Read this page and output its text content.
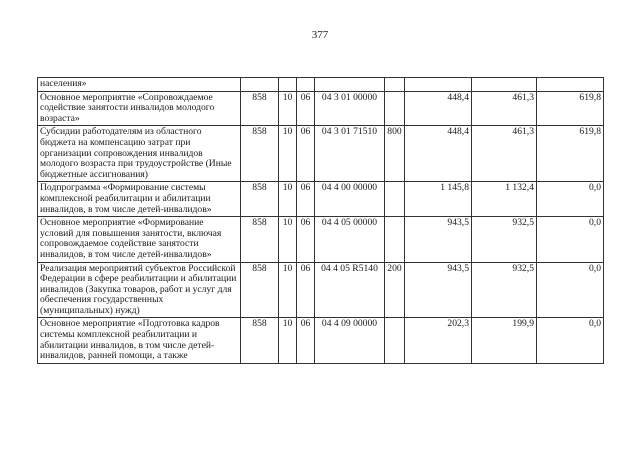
377
населения»								
Основное мероприятие «Сопровождаемое содействие занятости инвалидов молодого возраста»	858	10	06	04 3 01 00000		448,4	461,3	619,8
Субсидии работодателям из областного бюджета на компенсацию затрат при организации сопровождения инвалидов молодого возраста при трудоустройстве (Иные бюджетные ассигнования)	858	10	06	04 3 01 71510	800	448,4	461,3	619,8
Подпрограмма «Формирование системы комплексной реабилитации и абилитации инвалидов, в том числе детей-инвалидов»	858	10	06	04 4 00 00000		1 145,8	1 132,4	0,0
Основное мероприятие «Формирование условий для повышения занятости, включая сопровождаемое содействие занятости инвалидов, в том числе детей-инвалидов»	858	10	06	04 4 05 00000		943,5	932,5	0,0
Реализация мероприятий субъектов Российской Федерации в сфере реабилитации и абилитации инвалидов (Закупка товаров, работ и услуг для обеспечения государственных (муниципальных) нужд)	858	10	06	04 4 05 R5140	200	943,5	932,5	0,0
Основное мероприятие «Подготовка кадров системы комплексной реабилитации и абилитации инвалидов, в том числе детей-инвалидов, ранней помощи, а также	858	10	06	04 4 09 00000		202,3	199,9	0,0
